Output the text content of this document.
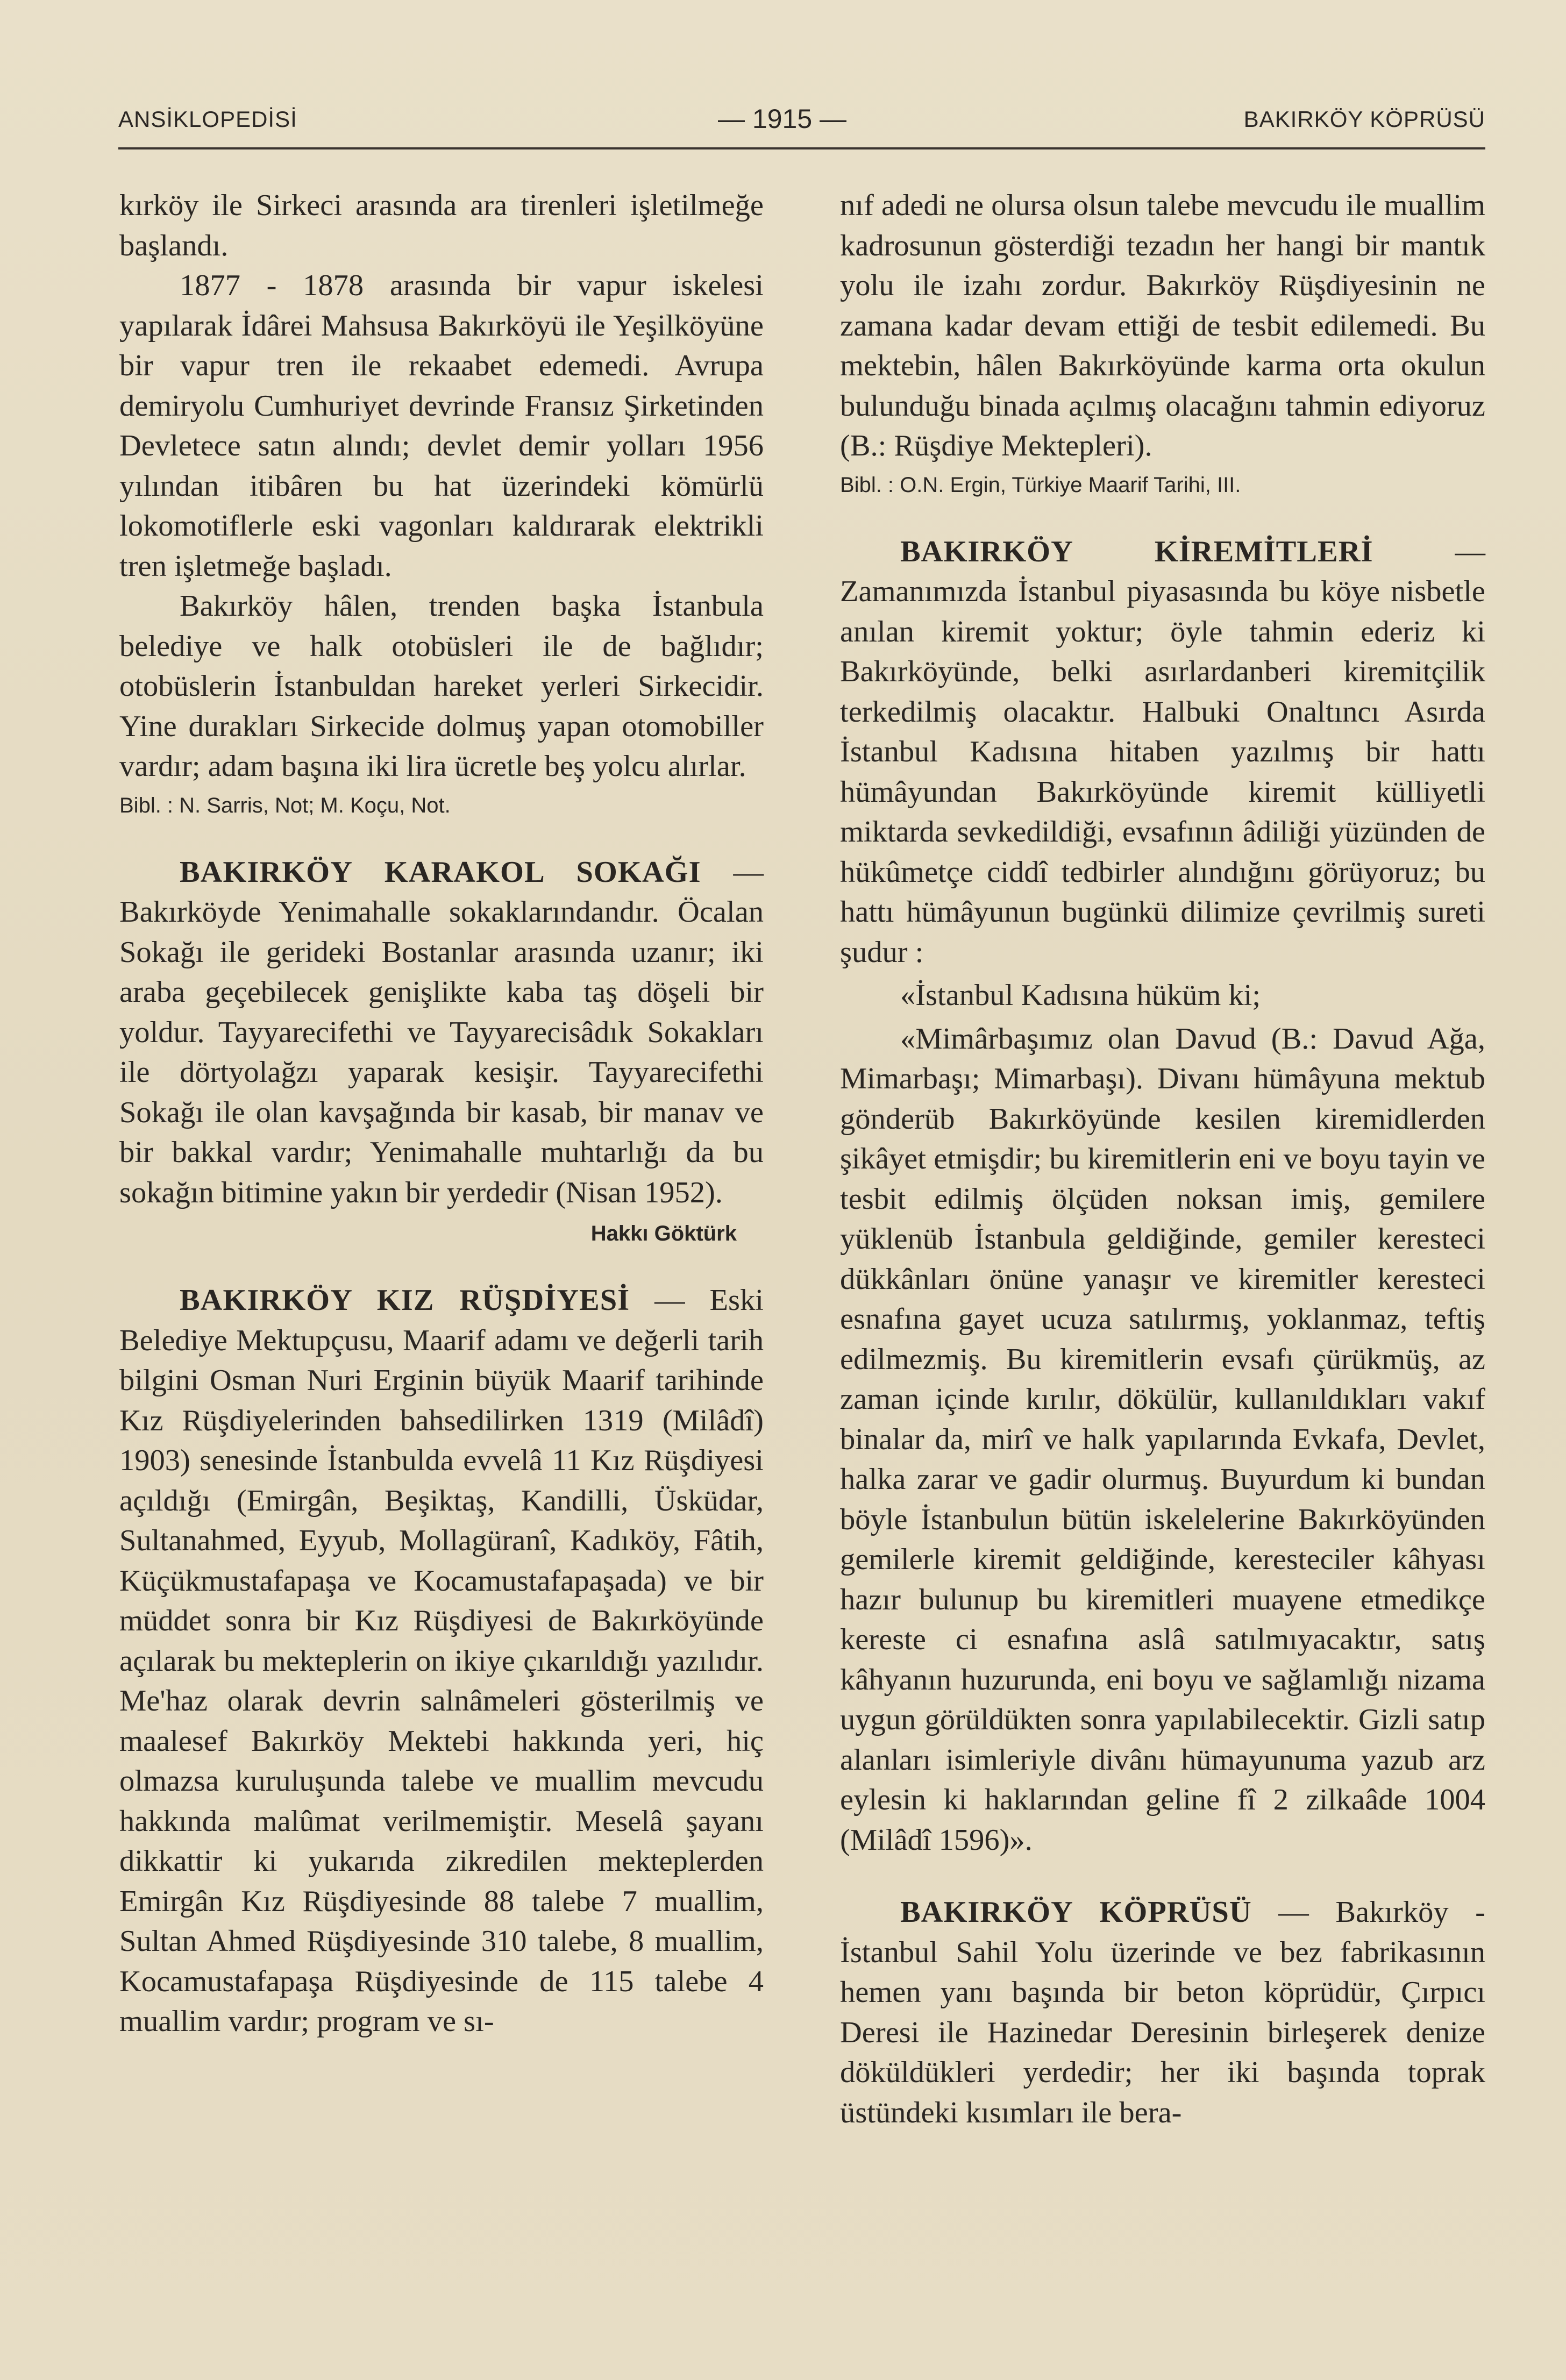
ANSİKLOPEDİSİ	— 1915 —	BAKIRKÖY KÖPRÜSÜ

kırköy ile Sirkeci arasında ara tirenleri işletilmeğe başlandı.

1877 - 1878 arasında bir vapur iskelesi yapılarak İdârei Mahsusa Bakırköyü ile Yeşilköyüne bir vapur tren ile rekaabet edemedi. Avrupa demiryolu Cumhuriyet devrinde Fransız Şirketinden Devletece satın alındı; devlet demir yolları 1956 yılından itibâren bu hat üzerindeki kömürlü lokomotiflerle eski vagonları kaldırarak elektrikli tren işletmeğe başladı.

Bakırköy hâlen, trenden başka İstanbula belediye ve halk otobüsleri ile de bağlıdır; otobüslerin İstanbuldan hareket yerleri Sirkecidir. Yine durakları Sirkecide dolmuş yapan otomobiller vardır; adam başına iki lira ücretle beş yolcu alırlar.

Bibl. : N. Sarris, Not; M. Koçu, Not.

BAKIRKÖY KARAKOL SOKAĞI — Bakırköyde Yenimahalle sokaklarındandır. Öcalan Sokağı ile gerideki Bostanlar arasında uzanır; iki araba geçebilecek genişlikte kaba taş döşeli bir yoldur. Tayyarecifethi ve Tayyarecisâdık Sokakları ile dörtyolağzı yaparak kesişir. Tayyarecifethi Sokağı ile olan kavşağında bir kasab, bir manav ve bir bakkal vardır; Yenimahalle muhtarlığı da bu sokağın bitimine yakın bir yerdedir (Nisan 1952).

Hakkı Göktürk

BAKIRKÖY KIZ RÜŞDİYESİ — Eski Belediye Mektupçusu, Maarif adamı ve değerli tarih bilgini Osman Nuri Erginin büyük Maarif tarihinde Kız Rüşdiyelerinden bahsedilirken 1319 (Milâdî) 1903) senesinde İstanbulda evvelâ 11 Kız Rüşdiyesi açıldığı (Emirgân, Beşiktaş, Kandilli, Üsküdar, Sultanahmed, Eyyub, Mollagüranî, Kadıköy, Fâtih, Küçükmustafapaşa ve Kocamustafapaşada) ve bir müddet sonra bir Kız Rüşdiyesi de Bakırköyünde açılarak bu mekteplerin on ikiye çıkarıldığı yazılıdır. Me'haz olarak devrin salnâmeleri gösterilmiş ve maalesef Bakırköy Mektebi hakkında yeri, hiç olmazsa kuruluşunda talebe ve muallim mevcudu hakkında malûmat verilmemiştir. Meselâ şayanı dikkattir ki yukarıda zikredilen mekteplerden Emirgân Kız Rüşdiyesinde 88 talebe 7 muallim, Sultan Ahmed Rüşdiyesinde 310 talebe, 8 muallim, Kocamustafapaşa Rüşdiyesinde de 115 talebe 4 muallim vardır; program ve sı-

nıf adedi ne olursa olsun talebe mevcudu ile muallim kadrosunun gösterdiği tezadın her hangi bir mantık yolu ile izahı zordur. Bakırköy Rüşdiyesinin ne zamana kadar devam ettiği de tesbit edilemedi. Bu mektebin, hâlen Bakırköyünde karma orta okulun bulunduğu binada açılmış olacağını tahmin ediyoruz (B.: Rüşdiye Mektepleri).

Bibl. : O.N. Ergin, Türkiye Maarif Tarihi, III.

BAKIRKÖY KİREMİTLERİ — Zamanımızda İstanbul piyasasında bu köye nisbetle anılan kiremit yoktur; öyle tahmin ederiz ki Bakırköyünde, belki asırlardanberi kiremitçilik terkedilmiş olacaktır. Halbuki Onaltıncı Asırda İstanbul Kadısına hitaben yazılmış bir hattı hümâyundan Bakırköyünde kiremit külliyetli miktarda sevkedildiği, evsafının âdiliği yüzünden de hükûmetçe ciddî tedbirler alındığını görüyoruz; bu hattı hümâyunun bugünkü dilimize çevrilmiş sureti şudur :

«İstanbul Kadısına hüküm ki;

«Mimârbaşımız olan Davud (B.: Davud Ağa, Mimarbaşı; Mimarbaşı). Divanı hümâyuna mektub gönderüb Bakırköyünde kesilen kiremidlerden şikâyet etmişdir; bu kiremitlerin eni ve boyu tayin ve tesbit edilmiş ölçüden noksan imiş, gemilere yüklenüb İstanbula geldiğinde, gemiler keresteci dükkânları önüne yanaşır ve kiremitler keresteci esnafına gayet ucuza satılırmış, yoklanmaz, teftiş edilmezmiş. Bu kiremitlerin evsafı çürükmüş, az zaman içinde kırılır, dökülür, kullanıldıkları vakıf binalar da, mirî ve halk yapılarında Evkafa, Devlet, halka zarar ve gadir olurmuş. Buyurdum ki bundan böyle İstanbulun bütün iskelelerine Bakırköyünden gemilerle kiremit geldiğinde, keresteciler kâhyası hazır bulunup bu kiremitleri muayene etmedikçe kereste ci esnafına aslâ satılmıyacaktır, satış kâhyanın huzurunda, eni boyu ve sağlamlığı nizama uygun görüldükten sonra yapılabilecektir. Gizli satıp alanları isimleriyle divânı hümayunuma yazub arz eylesin ki haklarından geline fî 2 zilkaâde 1004 (Milâdî 1596)».

BAKIRKÖY KÖPRÜSÜ — Bakırköy - İstanbul Sahil Yolu üzerinde ve bez fabrikasının hemen yanı başında bir beton köprüdür, Çırpıcı Deresi ile Hazinedar Deresinin birleşerek denize döküldükleri yerdedir; her iki başında toprak üstündeki kısımları ile bera-
